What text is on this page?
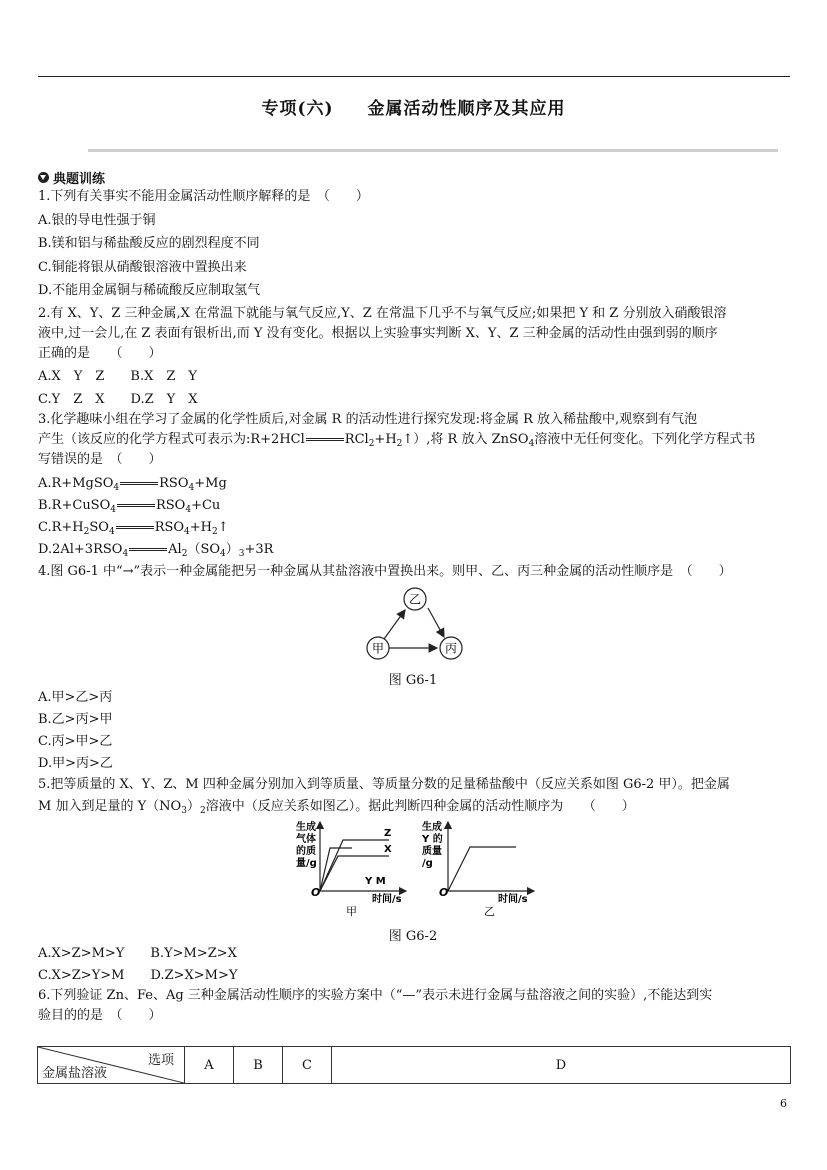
专项(六) 金属活动性顺序及其应用
典题训练
1.下列有关事实不能用金属活动性顺序解释的是　（　　）
A.银的导电性强于铜
B.镁和铝与稀盐酸反应的剧烈程度不同
C.铜能将银从硝酸银溶液中置换出来
D.不能用金属铜与稀硫酸反应制取氢气
2.有 X、Y、Z 三种金属,X 在常温下就能与氧气反应,Y、Z 在常温下几乎不与氧气反应;如果把 Y 和 Z 分别放入硝酸银溶
液中,过一会儿,在 Z 表面有银析出,而 Y 没有变化。根据以上实验事实判断 X、Y、Z 三种金属的活动性由强到弱的顺序
正确的是　　（　　）
A.X　Y　Z　　B.X　Z　Y
C.Y　Z　X　　D.Z　Y　X
3.化学趣味小组在学习了金属的化学性质后,对金属 R 的活动性进行探究发现:将金属 R 放入稀盐酸中,观察到有气泡
产生（该反应的化学方程式可表示为:R+2HCl	$RCl_2+H_2↑$）,将 R 放入 ZnSO$_4$溶液中无任何变化。下列化学方程式书
写错误的是　（　　）
A.R+MgSO$_4$	$RSO_4+Mg$
B.R+CuSO$_4$	$RSO_4+Cu$
$C.R+H_2SO_4$	$RSO_4+H_2↑$
$D.2Al+3RSO_4$	$Al_2(SO_4)_3+3R$
4.图 G6-1 中“→”表示一种金属能把另一种金属从其盐溶液中置换出来。则甲、乙、丙三种金属的活动性顺序是　（　　）
乙
甲	丙
图 G6-1
A.甲>乙>丙
B.乙>丙>甲
C.丙>甲>乙
D.甲>丙>乙
5.把等质量的 X、Y、Z、M 四种金属分别加入到等质量、等质量分数的足量稀盐酸中（反应关系如图 G6-2 甲）。把金属
M 加入到足量的 $Y(NO_3)_2$溶液中（反应关系如图乙）。据此判断四种金属的活动性顺序为　　（　　）
生成
气体
的质
量/g
O
Z
X
Y M
时间/s
甲
生成
Y 的
质量
/g
O
时间/s
乙
图 G6-2
A.X>Z>M>Y　　B.Y>M>Z>X
C.X>Z>Y>M　　D.Z>X>M>Y
6.下列验证 Zn、Fe、Ag 三种金属活动性顺序的实验方案中（“—”表示未进行金属与盐溶液之间的实验）,不能达到实
验目的的是　（　　）
选项
金属盐溶液
	A	B	C	D
6
